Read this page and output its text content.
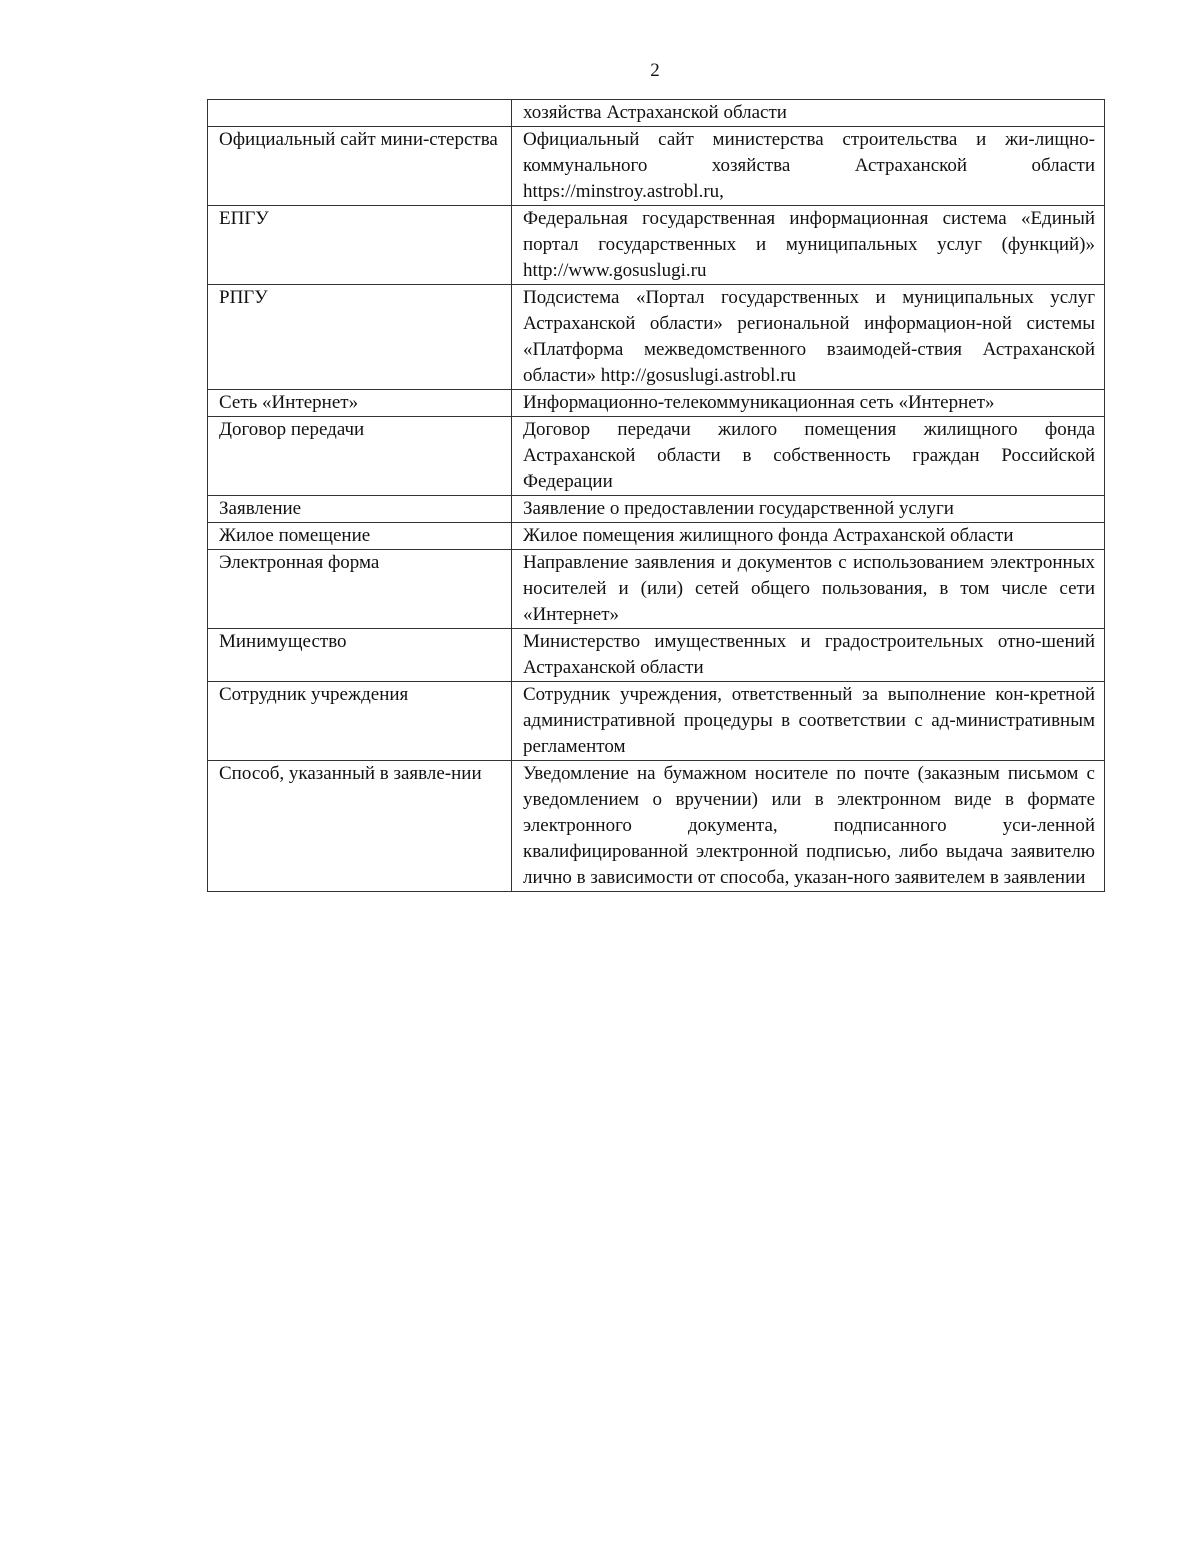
2
	хозяйства Астраханской области
Официальный сайт мини-стерства	Официальный сайт министерства строительства и жи-лищно-коммунального хозяйства Астраханской области https://minstroy.astrobl.ru,
ЕПГУ	Федеральная государственная информационная система «Единый портал государственных и муниципальных услуг (функций)» http://www.gosuslugi.ru
РПГУ	Подсистема «Портал государственных и муниципальных услуг Астраханской области» региональной информацион-ной системы «Платформа межведомственного взаимодей-ствия Астраханской области» http://gosuslugi.astrobl.ru
Сеть «Интернет»	Информационно-телекоммуникационная сеть «Интернет»
Договор передачи	Договор передачи жилого помещения жилищного фонда Астраханской области в собственность граждан Российской Федерации
Заявление	Заявление о предоставлении государственной услуги
Жилое помещение	Жилое помещения жилищного фонда Астраханской области
Электронная форма	Направление заявления и документов с использованием электронных носителей и (или) сетей общего пользования, в том числе сети «Интернет»
Минимущество	Министерство имущественных и градостроительных отно-шений Астраханской области
Сотрудник учреждения	Сотрудник учреждения, ответственный за выполнение кон-кретной административной процедуры в соответствии с ад-министративным регламентом
Способ, указанный в заявле-нии	Уведомление на бумажном носителе по почте (заказным письмом с уведомлением о вручении) или в электронном виде в формате электронного документа, подписанного уси-ленной квалифицированной электронной подписью, либо выдача заявителю лично в зависимости от способа, указан-ного заявителем в заявлении
